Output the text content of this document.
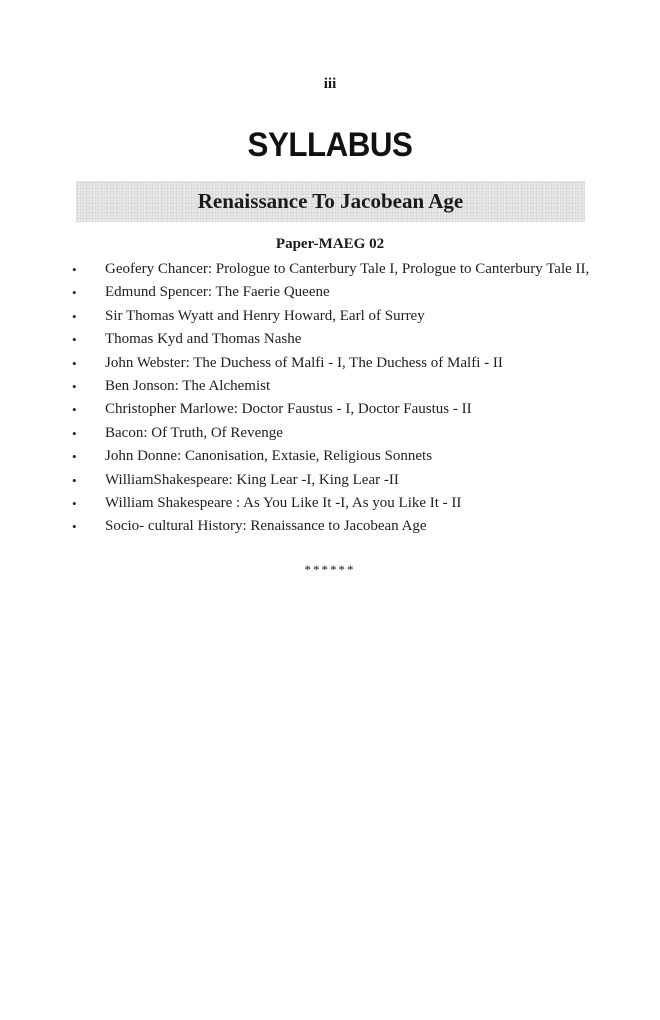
iii
SYLLABUS
Renaissance To Jacobean Age
Paper-MAEG 02
• Geofery Chancer: Prologue to Canterbury Tale I, Prologue to Canterbury Tale II,
• Edmund Spencer: The Faerie Queene
• Sir Thomas Wyatt and Henry Howard, Earl of Surrey
• Thomas Kyd and Thomas Nashe
• John Webster: The Duchess of Malfi - I, The Duchess of Malfi - II
• Ben Jonson: The Alchemist
• Christopher Marlowe: Doctor Faustus - I, Doctor Faustus - II
• Bacon: Of Truth, Of Revenge
• John Donne: Canonisation, Extasie, Religious Sonnets
• WilliamShakespeare: King Lear -I, King Lear -II
• William Shakespeare : As You Like It -I, As you Like It - II
• Socio- cultural History: Renaissance to Jacobean Age
******
